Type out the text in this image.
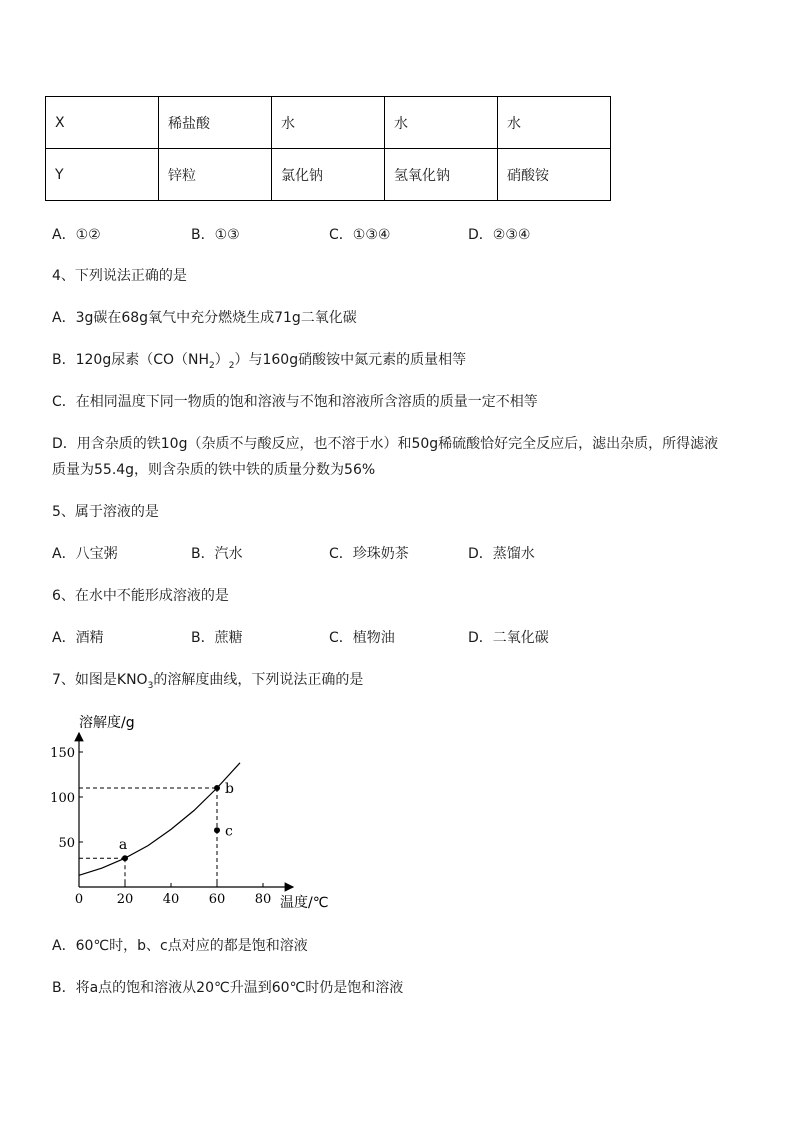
X	稀盐酸	水	水	水
Y	锌粒	氯化钠	氢氧化钠	硝酸铵
A．①②	B．①③	C．①③④	D．②③④
4、下列说法正确的是
A．3g碳在68g氧气中充分燃烧生成71g二氧化碳
B．120g尿素$(CO(NH_2)_2)$与160g硝酸铵中氮元素的质量相等
C．在相同温度下同一物质的饱和溶液与不饱和溶液所含溶质的质量一定不相等
D．用含杂质的铁10g（杂质不与酸反应，也不溶于水）和50g稀硫酸恰好完全反应后，滤出杂质，所得滤液
质量为55.4g，则含杂质的铁中铁的质量分数为56%
5、属于溶液的是
A．八宝粥	B．汽水	C．珍珠奶茶	D．蒸馏水
6、在水中不能形成溶液的是
A．酒精	B．蔗糖	C．植物油	D．二氧化碳
7、如图是$KNO_3$的溶解度曲线，下列说法正确的是
溶解度/g
温度/℃
0	20 40 60 80
50
100
150
a
b
c
A．60℃时，b、c点对应的都是饱和溶液
B．将a点的饱和溶液从20℃升温到60℃时仍是饱和溶液
